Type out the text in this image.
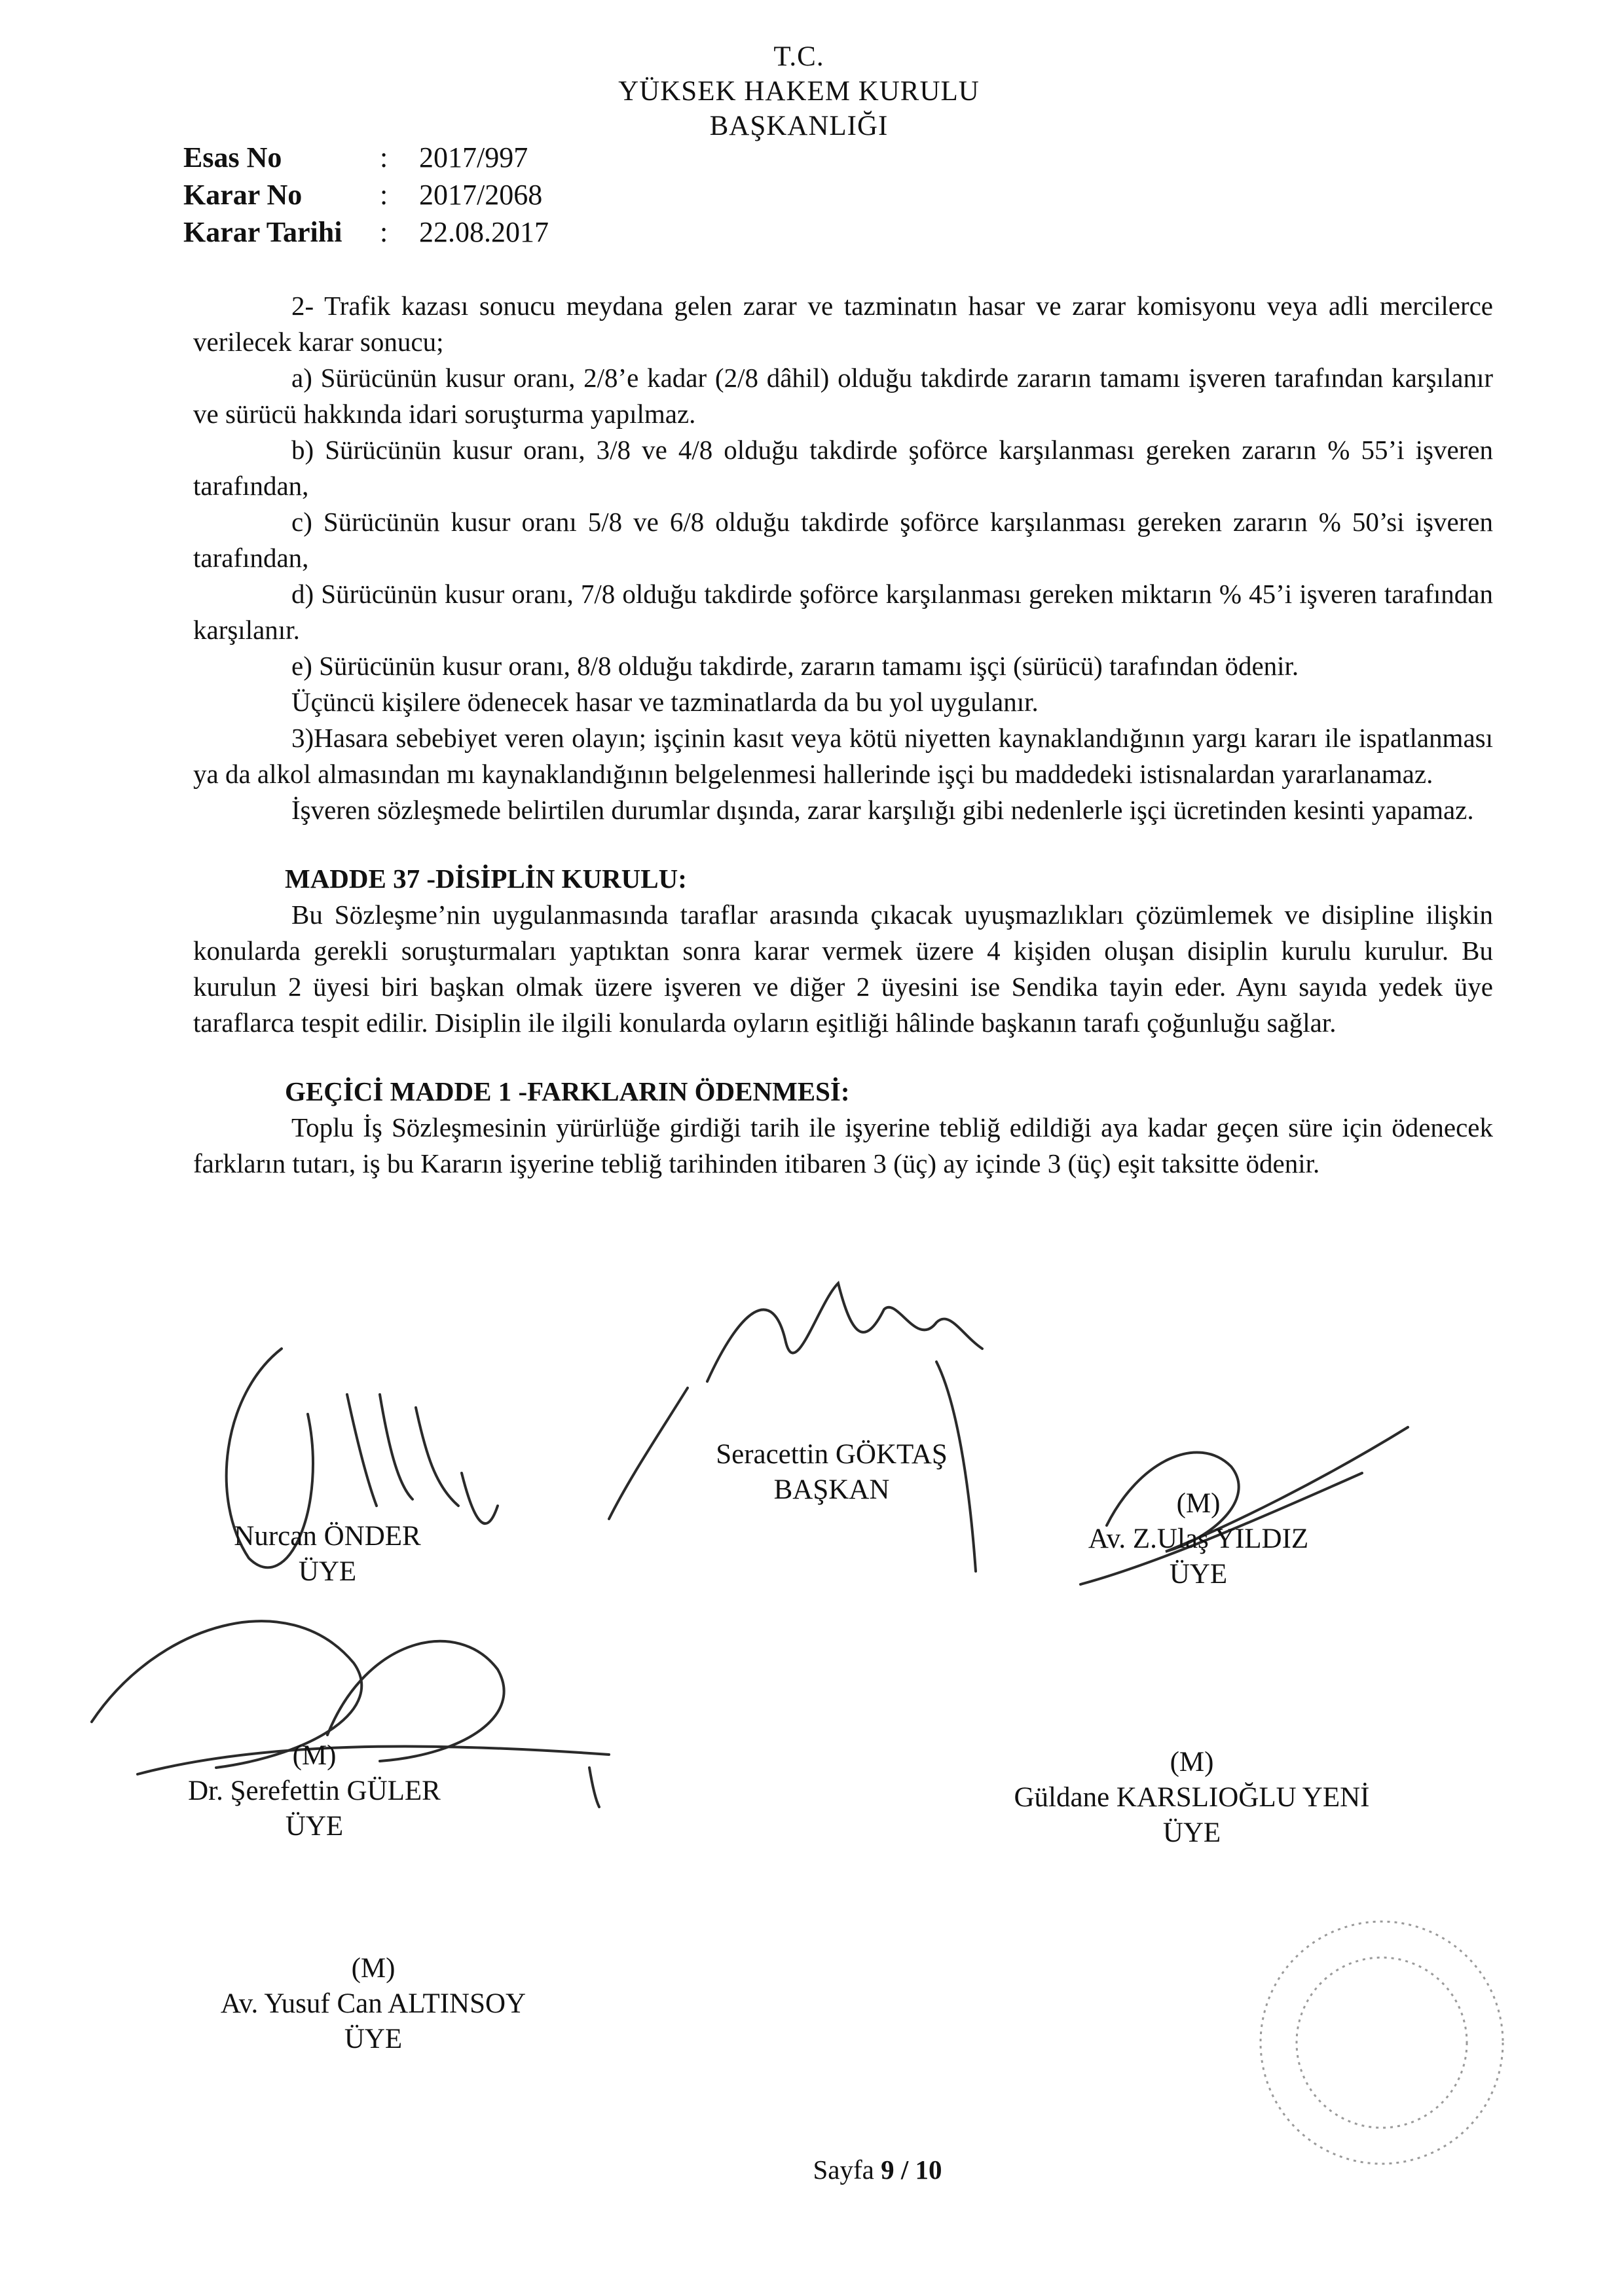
T.C.
YÜKSEK HAKEM KURULU
BAŞKANLIĞI
Esas No	: 2017/997
Karar No	: 2017/2068
Karar Tarihi : 22.08.2017

2- Trafik kazası sonucu meydana gelen zarar ve tazminatın hasar ve zarar komisyonu veya adli mercilerce verilecek karar sonucu;

a) Sürücünün kusur oranı, 2/8’e kadar (2/8 dâhil) olduğu takdirde zararın tamamı işveren tarafından karşılanır ve sürücü hakkında idari soruşturma yapılmaz.

b) Sürücünün kusur oranı, 3/8 ve 4/8 olduğu takdirde şoförce karşılanması gereken zararın % 55’i işveren tarafından,

c) Sürücünün kusur oranı 5/8 ve 6/8 olduğu takdirde şoförce karşılanması gereken zararın % 50’si işveren tarafından,

d) Sürücünün kusur oranı, 7/8 olduğu takdirde şoförce karşılanması gereken miktarın % 45’i işveren tarafından karşılanır.

e) Sürücünün kusur oranı, 8/8 olduğu takdirde, zararın tamamı işçi (sürücü) tarafından ödenir.

Üçüncü kişilere ödenecek hasar ve tazminatlarda da bu yol uygulanır.

3)Hasara sebebiyet veren olayın; işçinin kasıt veya kötü niyetten kaynaklandığının yargı kararı ile ispatlanması ya da alkol almasından mı kaynaklandığının belgelenmesi hallerinde işçi bu maddedeki istisnalardan yararlanamaz.

İşveren sözleşmede belirtilen durumlar dışında, zarar karşılığı gibi nedenlerle işçi ücretinden kesinti yapamaz.

MADDE 37 -DİSİPLİN KURULU:

Bu Sözleşme’nin uygulanmasında taraflar arasında çıkacak uyuşmazlıkları çözümlemek ve disipline ilişkin konularda gerekli soruşturmaları yaptıktan sonra karar vermek üzere 4 kişiden oluşan disiplin kurulu kurulur. Bu kurulun 2 üyesi biri başkan olmak üzere işveren ve diğer 2 üyesini ise Sendika tayin eder. Aynı sayıda yedek üye taraflarca tespit edilir. Disiplin ile ilgili konularda oyların eşitliği hâlinde başkanın tarafı çoğunluğu sağlar.

GEÇİCİ MADDE 1 -FARKLARIN ÖDENMESİ:

Toplu İş Sözleşmesinin yürürlüğe girdiği tarih ile işyerine tebliğ edildiği aya kadar geçen süre için ödenecek farkların tutarı, iş bu Kararın işyerine tebliğ tarihinden itibaren 3 (üç) ay içinde 3 (üç) eşit taksitte ödenir.

Seracettin GÖKTAŞ
BAŞKAN
Nurcan ÖNDER
ÜYE
(M)
Av. Z.Ulaş YILDIZ
ÜYE
(M)
Dr. Şerefettin GÜLER
ÜYE
(M)
Güldane KARSLIOĞLU YENİ
ÜYE
(M)
Av. Yusuf Can ALTINSOY
ÜYE
Sayfa 9 / 10
